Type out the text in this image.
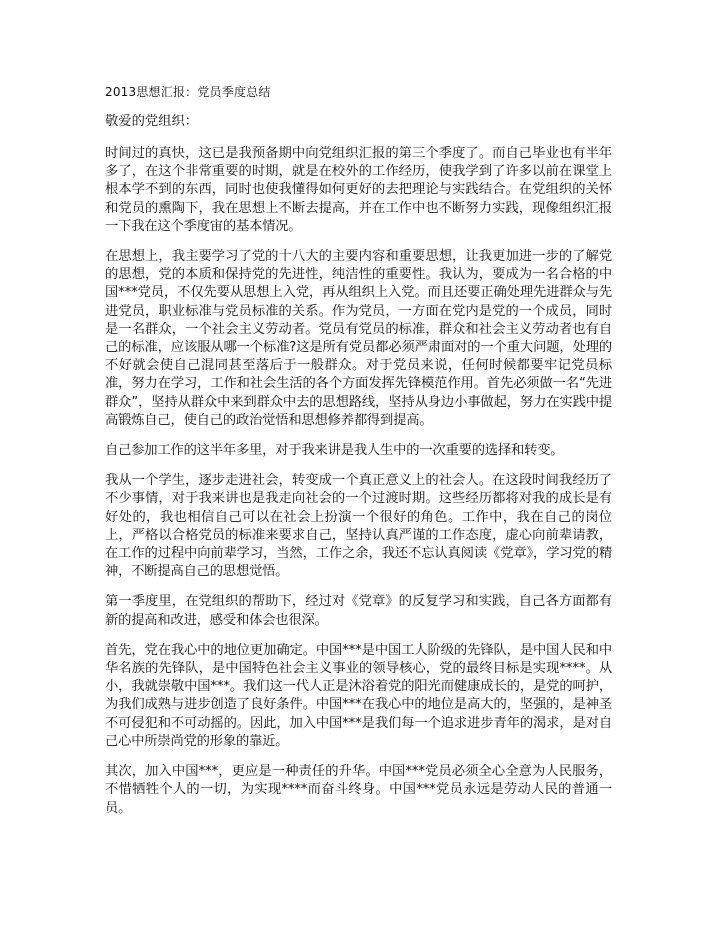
2013思想汇报：党员季度总结
敬爱的党组织：

时间过的真快，这已是我预备期中向党组织汇报的第三个季度了。而自己毕业也有半年多了，在这个非常重要的时期，就是在校外的工作经历，使我学到了许多以前在课堂上根本学不到的东西，同时也使我懂得如何更好的去把理论与实践结合。在党组织的关怀和党员的熏陶下，我在思想上不断去提高，并在工作中也不断努力实践，现像组织汇报一下我在这个季度宙的基本情况。

在思想上，我主要学习了党的十八大的主要内容和重要思想，让我更加进一步的了解党的思想，党的本质和保持党的先进性，纯洁性的重要性。我认为，要成为一名合格的中国***党员，不仅先要从思想上入党，再从组织上入党。而且还要正确处理先进群众与先进党员，职业标准与党员标准的关系。作为党员，一方面在党内是党的一个成员，同时是一名群众，一个社会主义劳动者。党员有党员的标准，群众和社会主义劳动者也有自己的标准，应该服从哪一个标准?这是所有党员都必须严肃面对的一个重大问题，处理的不好就会使自己混同甚至落后于一般群众。对于党员来说，任何时候都要牢记党员标准，努力在学习，工作和社会生活的各个方面发挥先锋模范作用。首先必须做一名“先进群众”，坚持从群众中来到群众中去的思想路线，坚持从身边小事做起，努力在实践中提高锻炼自己，使自己的政治觉悟和思想修养都得到提高。

自己参加工作的这半年多里，对于我来讲是我人生中的一次重要的选择和转变。

我从一个学生，逐步走进社会，转变成一个真正意义上的社会人。在这段时间我经历了不少事情，对于我来讲也是我走向社会的一个过渡时期。这些经历都将对我的成长是有好处的，我也相信自己可以在社会上扮演一个很好的角色。工作中，我在自己的岗位上，严格以合格党员的标准来要求自己，坚持认真严谨的工作态度，虚心向前辈请教，在工作的过程中向前辈学习，当然，工作之余，我还不忘认真阅读《党章》，学习党的精神，不断提高自己的思想觉悟。

第一季度里，在党组织的帮助下，经过对《党章》的反复学习和实践，自己各方面都有新的提高和改进，感受和体会也很深。

首先，党在我心中的地位更加确定。中国***是中国工人阶级的先锋队，是中国人民和中华名族的先锋队，是中国特色社会主义事业的领导核心，党的最终目标是实现****。从小，我就崇敬中国***。我们这一代人正是沐浴着党的阳光而健康成长的，是党的呵护，为我们成熟与进步创造了良好条件。中国***在我心中的地位是高大的，坚强的，是神圣不可侵犯和不可动摇的。因此，加入中国***是我们每一个追求进步青年的渴求，是对自己心中所崇尚党的形象的靠近。

其次，加入中国***，更应是一种责任的升华。中国***党员必须全心全意为人民服务，不惜牺牲个人的一切，为实现****而奋斗终身。中国***党员永远是劳动人民的普通一员。
